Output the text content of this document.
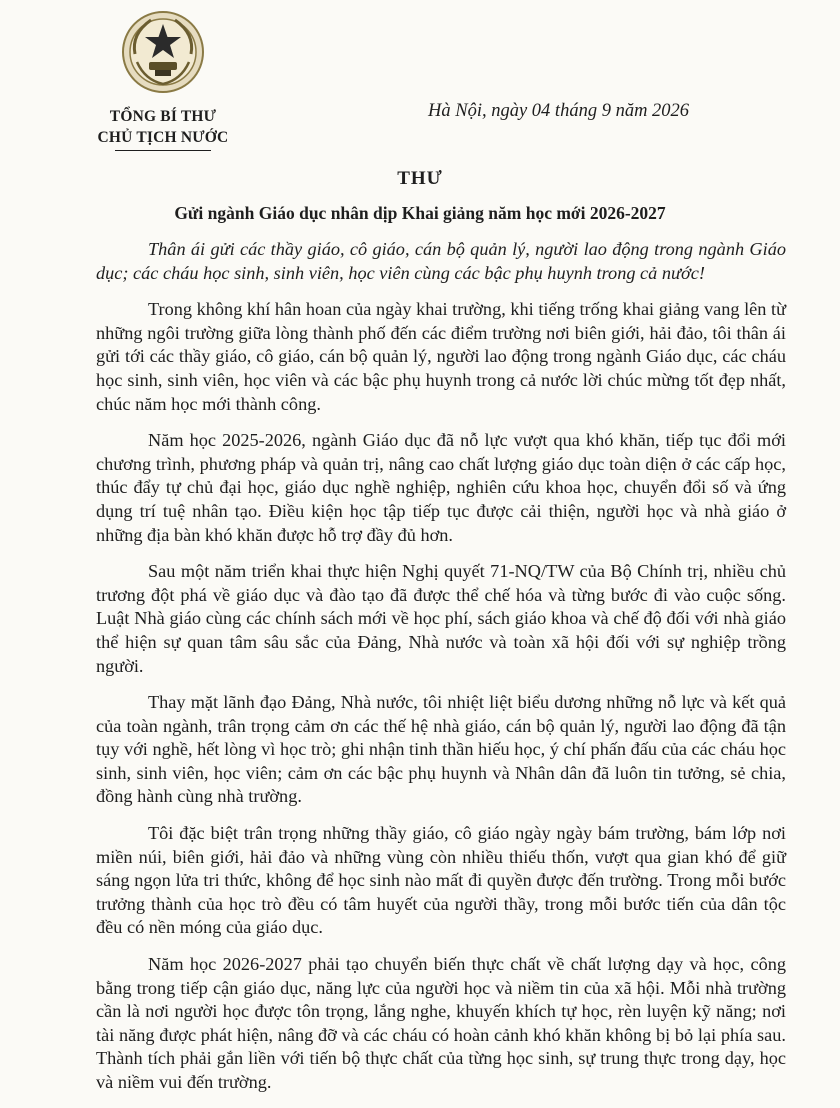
TỔNG BÍ THƯ
CHỦ TỊCH NƯỚC
Hà Nội, ngày 04 tháng 9 năm 2026
THƯ
Gửi ngành Giáo dục nhân dịp Khai giảng năm học mới 2026-2027

Thân ái gửi các thầy giáo, cô giáo, cán bộ quản lý, người lao động trong ngành Giáo dục; các cháu học sinh, sinh viên, học viên cùng các bậc phụ huynh trong cả nước!

Trong không khí hân hoan của ngày khai trường, khi tiếng trống khai giảng vang lên từ những ngôi trường giữa lòng thành phố đến các điểm trường nơi biên giới, hải đảo, tôi thân ái gửi tới các thầy giáo, cô giáo, cán bộ quản lý, người lao động trong ngành Giáo dục, các cháu học sinh, sinh viên, học viên và các bậc phụ huynh trong cả nước lời chúc mừng tốt đẹp nhất, chúc năm học mới thành công.

Năm học 2025-2026, ngành Giáo dục đã nỗ lực vượt qua khó khăn, tiếp tục đổi mới chương trình, phương pháp và quản trị, nâng cao chất lượng giáo dục toàn diện ở các cấp học, thúc đẩy tự chủ đại học, giáo dục nghề nghiệp, nghiên cứu khoa học, chuyển đổi số và ứng dụng trí tuệ nhân tạo. Điều kiện học tập tiếp tục được cải thiện, người học và nhà giáo ở những địa bàn khó khăn được hỗ trợ đầy đủ hơn.

Sau một năm triển khai thực hiện Nghị quyết 71-NQ/TW của Bộ Chính trị, nhiều chủ trương đột phá về giáo dục và đào tạo đã được thể chế hóa và từng bước đi vào cuộc sống. Luật Nhà giáo cùng các chính sách mới về học phí, sách giáo khoa và chế độ đối với nhà giáo thể hiện sự quan tâm sâu sắc của Đảng, Nhà nước và toàn xã hội đối với sự nghiệp trồng người.

Thay mặt lãnh đạo Đảng, Nhà nước, tôi nhiệt liệt biểu dương những nỗ lực và kết quả của toàn ngành, trân trọng cảm ơn các thế hệ nhà giáo, cán bộ quản lý, người lao động đã tận tụy với nghề, hết lòng vì học trò; ghi nhận tinh thần hiếu học, ý chí phấn đấu của các cháu học sinh, sinh viên, học viên; cảm ơn các bậc phụ huynh và Nhân dân đã luôn tin tưởng, sẻ chia, đồng hành cùng nhà trường.

Tôi đặc biệt trân trọng những thầy giáo, cô giáo ngày ngày bám trường, bám lớp nơi miền núi, biên giới, hải đảo và những vùng còn nhiều thiếu thốn, vượt qua gian khó để giữ sáng ngọn lửa tri thức, không để học sinh nào mất đi quyền được đến trường. Trong mỗi bước trưởng thành của học trò đều có tâm huyết của người thầy, trong mỗi bước tiến của dân tộc đều có nền móng của giáo dục.

Năm học 2026-2027 phải tạo chuyển biến thực chất về chất lượng dạy và học, công bằng trong tiếp cận giáo dục, năng lực của người học và niềm tin của xã hội. Mỗi nhà trường cần là nơi người học được tôn trọng, lắng nghe, khuyến khích tự học, rèn luyện kỹ năng; nơi tài năng được phát hiện, nâng đỡ và các cháu có hoàn cảnh khó khăn không bị bỏ lại phía sau. Thành tích phải gắn liền với tiến bộ thực chất của từng học sinh, sự trung thực trong dạy, học và niềm vui đến trường.
